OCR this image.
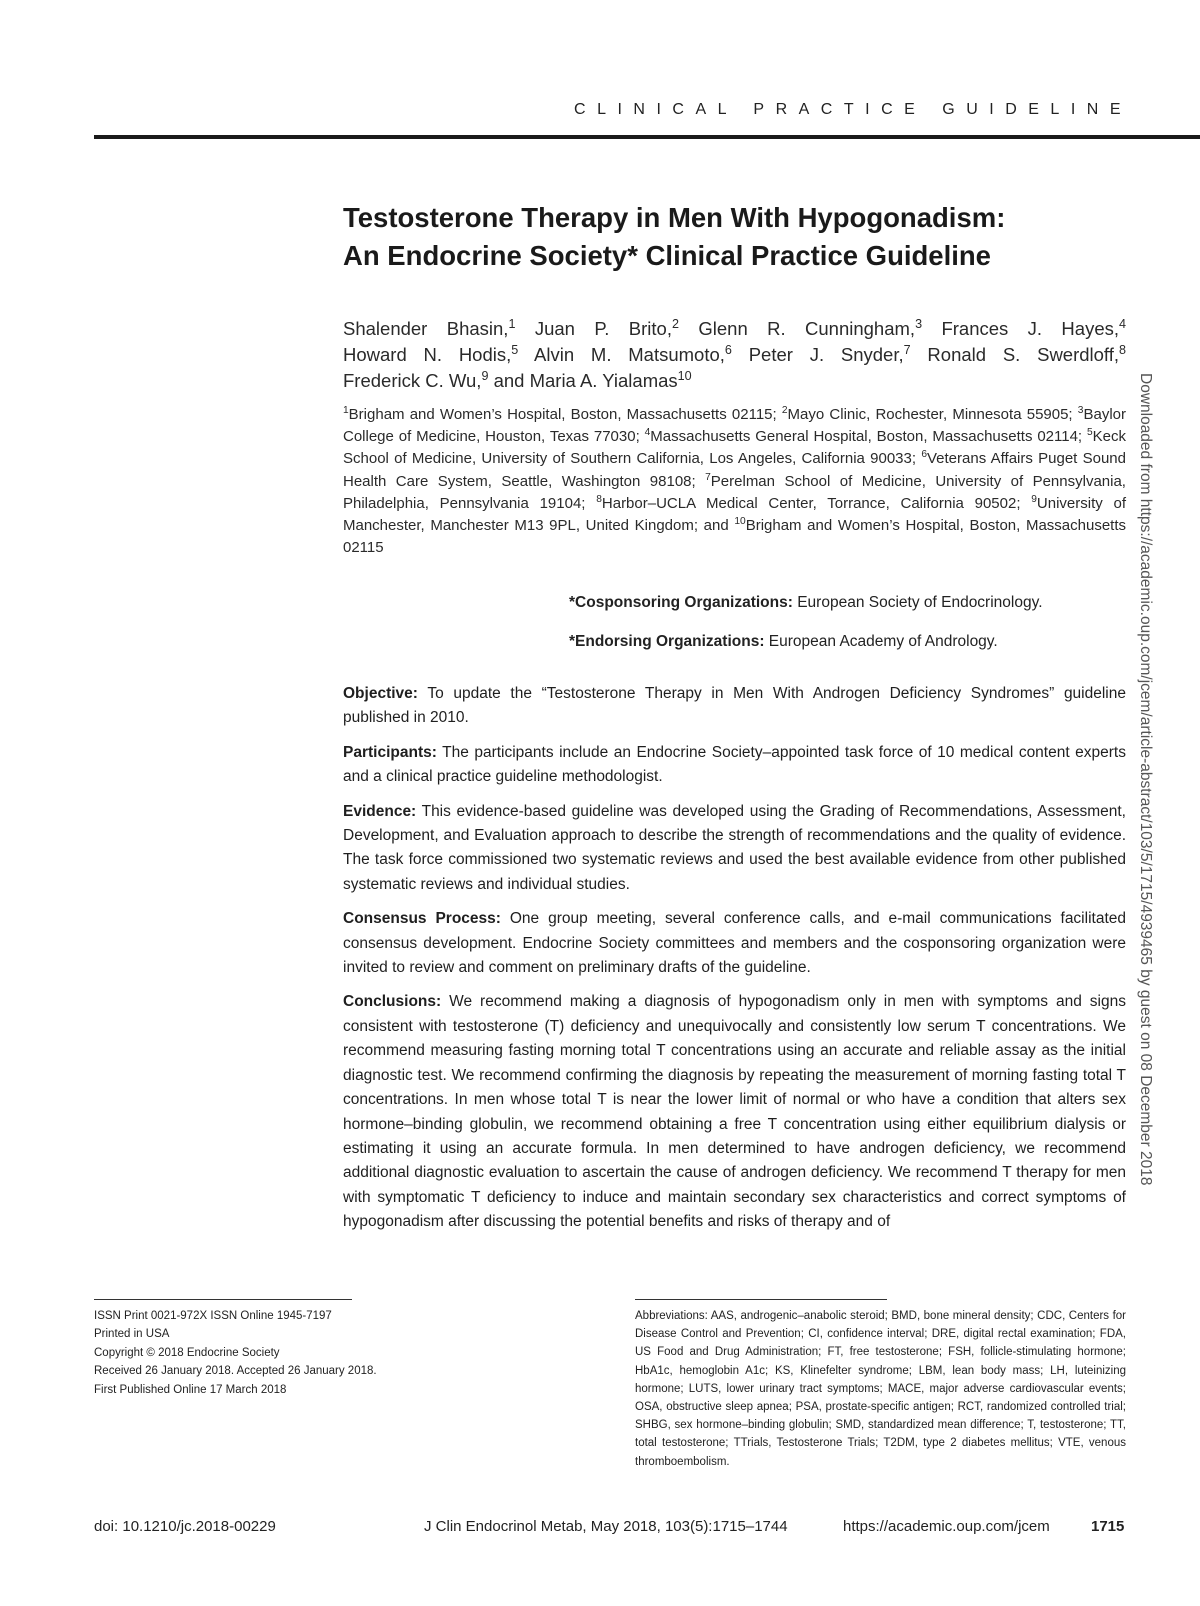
CLINICAL PRACTICE GUIDELINE
Testosterone Therapy in Men With Hypogonadism:
An Endocrine Society* Clinical Practice Guideline
Shalender Bhasin,$^1$ Juan P. Brito,$^2$ Glenn R. Cunningham,$^3$ Frances J. Hayes,$^4$
Howard N. Hodis,$^5$ Alvin M. Matsumoto,$^6$ Peter J. Snyder,$^7$ Ronald S. Swerdloff,$^8$
Frederick C. Wu,$^9$ and Maria A. Yialamas$^{10}$
$^1$Brigham and Women’s Hospital, Boston, Massachusetts 02115; $^2$Mayo Clinic, Rochester, Minnesota 55905; $^3$Baylor College of Medicine, Houston, Texas 77030; $^4$Massachusetts General Hospital, Boston, Massachusetts 02114; $^5$Keck School of Medicine, University of Southern California, Los Angeles, California 90033; $^6$Veterans Affairs Puget Sound Health Care System, Seattle, Washington 98108; $^7$Perelman School of Medicine, University of Pennsylvania, Philadelphia, Pennsylvania 19104; $^8$Harbor–UCLA Medical Center, Torrance, California 90502; $^9$University of Manchester, Manchester M13 9PL, United Kingdom; and $^{10}$Brigham and Women’s Hospital, Boston, Massachusetts 02115
*Cosponsoring Organizations: European Society of Endocrinology.
*Endorsing Organizations: European Academy of Andrology.

Objective: To update the “Testosterone Therapy in Men With Androgen Deficiency Syndromes” guideline published in 2010.

Participants: The participants include an Endocrine Society–appointed task force of 10 medical content experts and a clinical practice guideline methodologist.

Evidence: This evidence-based guideline was developed using the Grading of Recommendations, Assessment, Development, and Evaluation approach to describe the strength of recommendations and the quality of evidence. The task force commissioned two systematic reviews and used the best available evidence from other published systematic reviews and individual studies.

Consensus Process: One group meeting, several conference calls, and e-mail communications facilitated consensus development. Endocrine Society committees and members and the cosponsoring organization were invited to review and comment on preliminary drafts of the guideline.

Conclusions: We recommend making a diagnosis of hypogonadism only in men with symptoms and signs consistent with testosterone (T) deficiency and unequivocally and consistently low serum T concentrations. We recommend measuring fasting morning total T concentrations using an accurate and reliable assay as the initial diagnostic test. We recommend confirming the diagnosis by repeating the measurement of morning fasting total T concentrations. In men whose total T is near the lower limit of normal or who have a condition that alters sex hormone–binding globulin, we recommend obtaining a free T concentration using either equilibrium dialysis or estimating it using an accurate formula. In men determined to have androgen deficiency, we recommend additional diagnostic evaluation to ascertain the cause of androgen deficiency. We recommend T therapy for men with symptomatic T deficiency to induce and maintain secondary sex characteristics and correct symptoms of hypogonadism after discussing the potential benefits and risks of therapy and of

ISSN Print 0021-972X ISSN Online 1945-7197
Printed in USA
Copyright © 2018 Endocrine Society
Received 26 January 2018. Accepted 26 January 2018.
First Published Online 17 March 2018
Abbreviations: AAS, androgenic–anabolic steroid; BMD, bone mineral density; CDC, Centers for Disease Control and Prevention; CI, confidence interval; DRE, digital rectal examination; FDA, US Food and Drug Administration; FT, free testosterone; FSH, follicle-stimulating hormone; HbA1c, hemoglobin A1c; KS, Klinefelter syndrome; LBM, lean body mass; LH, luteinizing hormone; LUTS, lower urinary tract symptoms; MACE, major adverse cardiovascular events; OSA, obstructive sleep apnea; PSA, prostate-specific antigen; RCT, randomized controlled trial; SHBG, sex hormone–binding globulin; SMD, standardized mean difference; T, testosterone; TT, total testosterone; TTrials, Testosterone Trials; T2DM, type 2 diabetes mellitus; VTE, venous thromboembolism.
doi: 10.1210/jc.2018-00229	J Clin Endocrinol Metab, May 2018, 103(5):1715–1744	https://academic.oup.com/jcem	1715
Downloaded from https://academic.oup.com/jcem/article-abstract/103/5/1715/4939465 by guest on 08 December 2018
